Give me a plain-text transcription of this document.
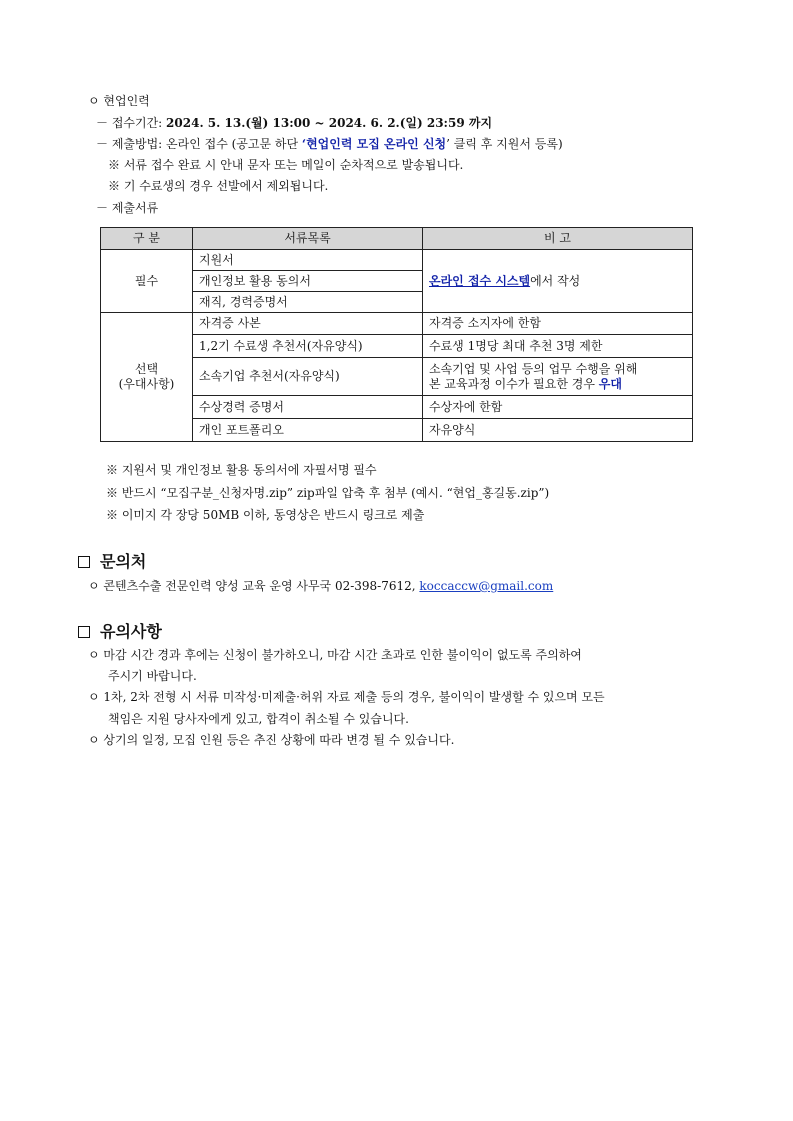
ㅇ 현업인력
－ 접수기간: 2024. 5. 13.(월) 13:00 ~ 2024. 6. 2.(일) 23:59 까지
－ 제출방법: 온라인 접수 (공고문 하단 ‘현업인력 모집 온라인 신청’ 클릭 후 지원서 등록)
※ 서류 접수 완료 시 안내 문자 또는 메일이 순차적으로 발송됩니다.
※ 기 수료생의 경우 선발에서 제외됩니다.
－ 제출서류
구 분	서류목록	비 고
필수	지원서	온라인 접수 시스템에서 작성
	개인정보 활용 동의서	
	재직, 경력증명서	
선택
(우대사항)	자격증 사본	자격증 소지자에 한함
	1,2기 수료생 추천서(자유양식)	수료생 1명당 최대 추천 3명 제한
	소속기업 추천서(자유양식)	소속기업 및 사업 등의 업무 수행을 위해
본 교육과정 이수가 필요한 경우 우대
	수상경력 증명서	수상자에 한함
	개인 포트폴리오	자유양식
※ 지원서 및 개인정보 활용 동의서에 자필서명 필수
※ 반드시 “모집구분_신청자명.zip” zip파일 압축 후 첨부 (예시. “현업_홍길동.zip”)
※ 이미지 각 장당 50MB 이하, 동영상은 반드시 링크로 제출
문의처
ㅇ 콘텐츠수출 전문인력 양성 교육 운영 사무국 02-398-7612, koccaccw@gmail.com
유의사항
ㅇ 마감 시간 경과 후에는 신청이 불가하오니, 마감 시간 초과로 인한 불이익이 없도록 주의하여
주시기 바랍니다.
ㅇ 1차, 2차 전형 시 서류 미작성·미제출·허위 자료 제출 등의 경우, 불이익이 발생할 수 있으며 모든
책임은 지원 당사자에게 있고, 합격이 취소될 수 있습니다.
ㅇ 상기의 일정, 모집 인원 등은 추진 상황에 따라 변경 될 수 있습니다.
